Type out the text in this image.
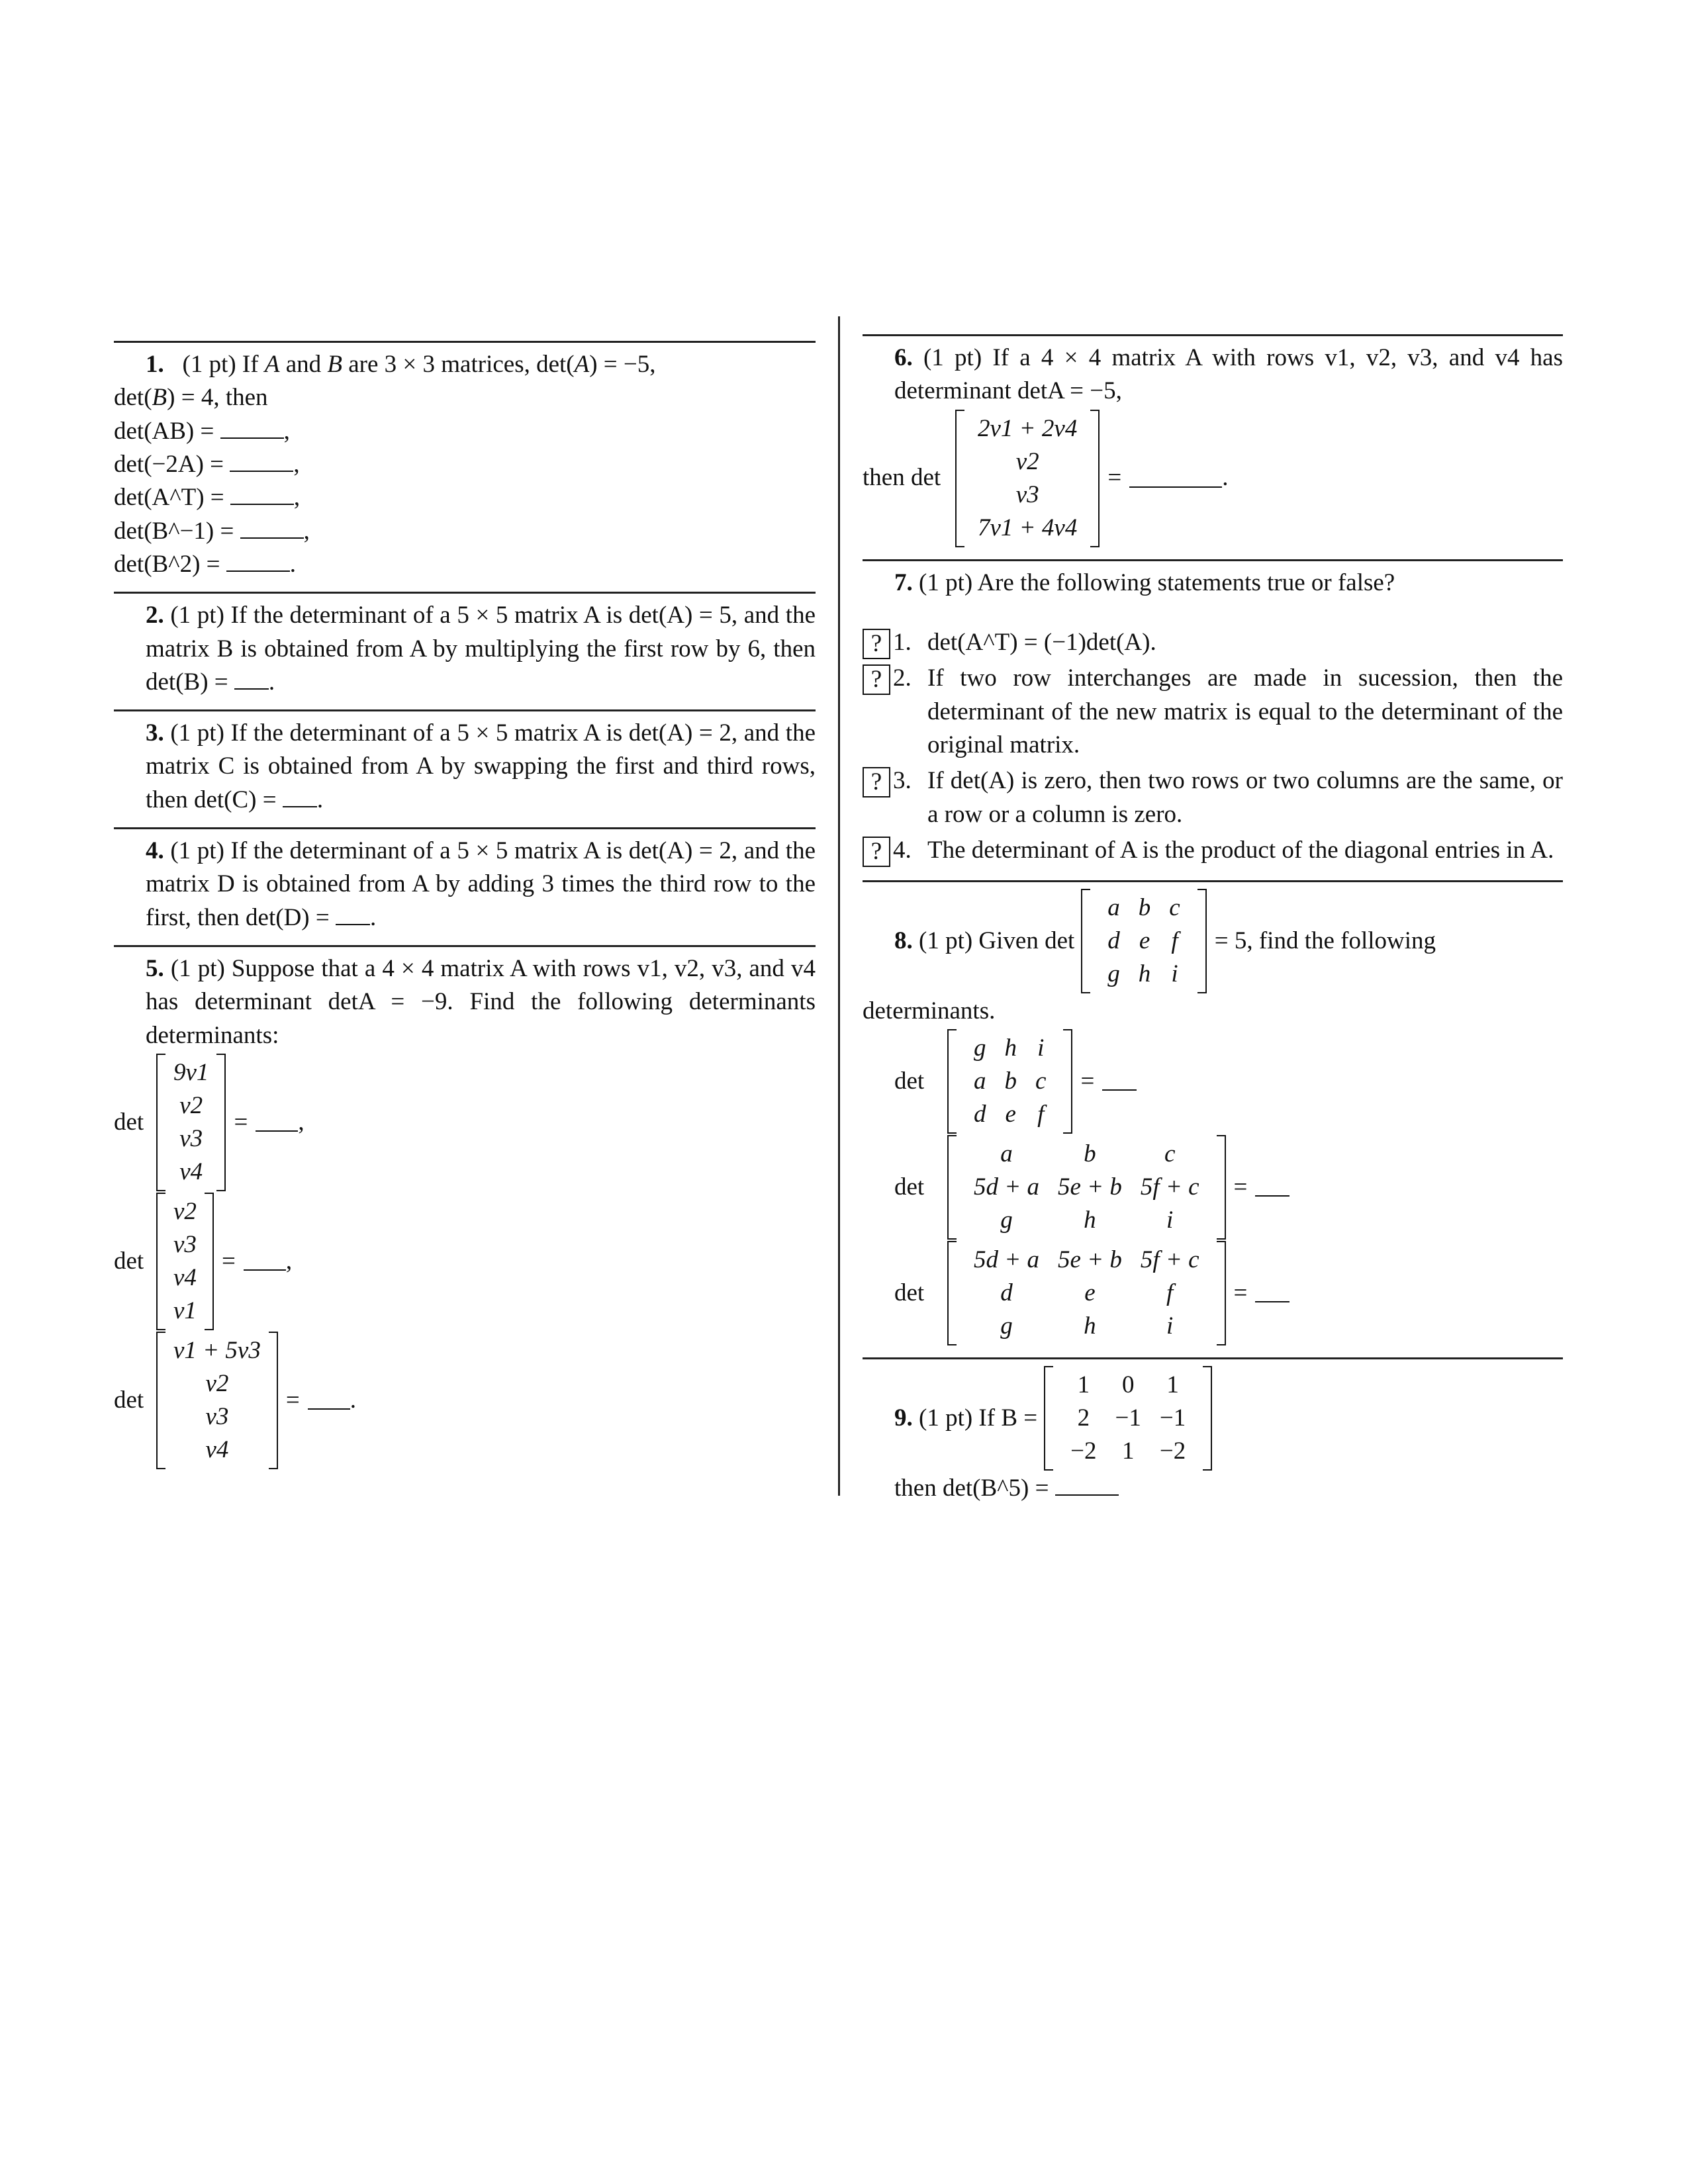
1.   (1 pt) If A and B are 3 × 3 matrices, det(A) = −5,

det(B) = 4, then

det(AB) =	,
det(−2A) =	,
det(A^T) =	,
det(B^−1) =	,
det(B^2) =	.

2. (1 pt) If the determinant of a 5 × 5 matrix A is det(A) = 5, and the matrix B is obtained from A by multiplying the first row by 6, then det(B) = .

3. (1 pt) If the determinant of a 5 × 5 matrix A is det(A) = 2, and the matrix C is obtained from A by swapping the first and third rows, then det(C) = .

4. (1 pt) If the determinant of a 5 × 5 matrix A is det(A) = 2, and the matrix D is obtained from A by adding 3 times the third row to the first, then det(D) = .

5. (1 pt) Suppose that a 4 × 4 matrix A with rows v1, v2, v3, and v4 has determinant detA = −9. Find the following determinants determinants:

det
9v1
v2
v3
v4
=	,
det
v2
v3
v4
v1
=	,
det
v1 + 5v3
v2
v3
v4
=	.

6. (1 pt) If a 4 × 4 matrix A with rows v1, v2, v3, and v4 has determinant detA = −5,

then det
2v1 + 2v4
v2
v3
7v1 + 4v4
=	.

7. (1 pt) Are the following statements true or false?

? 1. det(A^T) = (−1)det(A).
? 2. If two row interchanges are made in sucession, then the determinant of the new matrix is equal to the determinant of the original matrix.
? 3. If det(A) is zero, then two rows or two columns are the same, or a row or a column is zero.
? 4. The determinant of A is the product of the diagonal entries in A.
8.
(1 pt) Given det
a	b	c
d	e	f
g	h	i
= 5, find the following

determinants.

det
g	h	i
a	b	c
d	e	f
=
det
a	b	c
5d + a	5e + b	5f + c
g	h	i
=
det
5d + a	5e + b	5f + c
d	e	f
g	h	i
=
9.
(1 pt) If B =
1	0	1
2	−1	−1
−2	1	−2

then det(B^5) =
